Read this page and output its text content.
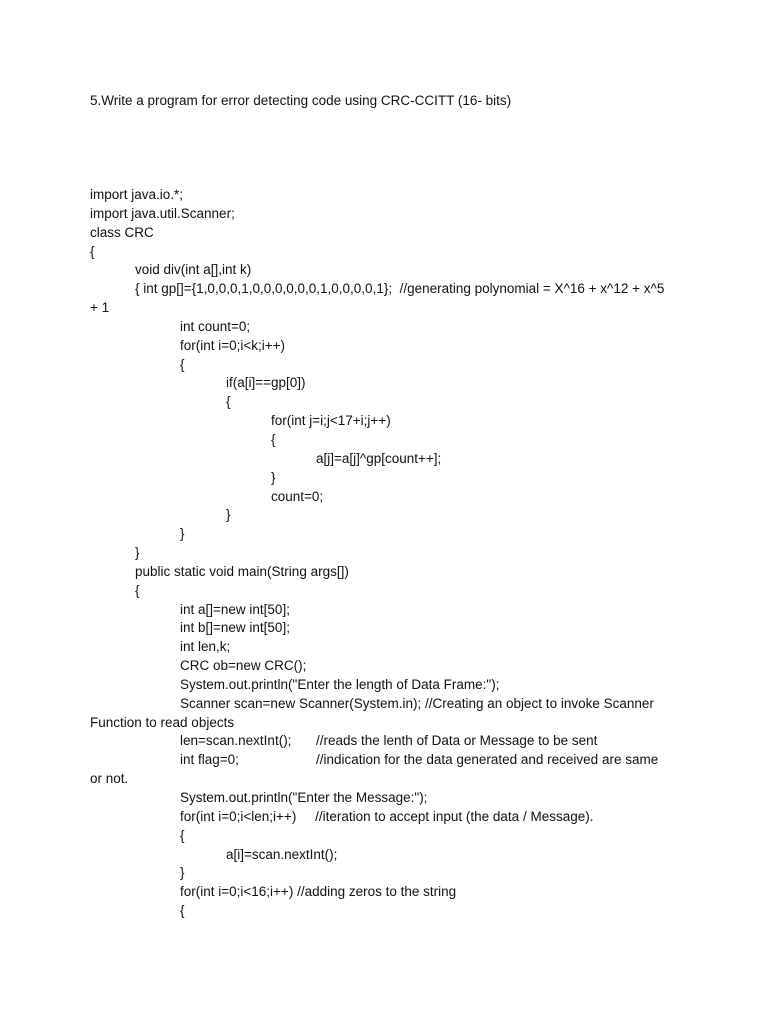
5.Write a program for error detecting code using CRC-CCITT (16- bits)
import java.io.*;
import java.util.Scanner;
class CRC
{
void div(int a[],int k)
{ int gp[]={1,0,0,0,1,0,0,0,0,0,0,1,0,0,0,0,1};  //generating polynomial = X^16 + x^12 + x^5
+ 1
int count=0;
for(int i=0;i<k;i++)
{
if(a[i]==gp[0])
{
for(int j=i;j<17+i;j++)
{
a[j]=a[j]^gp[count++];
}
count=0;
}
}
}
public static void main(String args[])
{
int a[]=new int[50];
int b[]=new int[50];
int len,k;
CRC ob=new CRC();
System.out.println("Enter the length of Data Frame:");
Scanner scan=new Scanner(System.in); //Creating an object to invoke Scanner
Function to read objects
len=scan.nextInt(); //reads the lenth of Data or Message to be sent
int flag=0;	//indication for the data generated and received are same
or not.
System.out.println("Enter the Message:");
for(int i=0;i<len;i++)     //iteration to accept input (the data / Message).
{
a[i]=scan.nextInt();
}
for(int i=0;i<16;i++) //adding zeros to the string
{
